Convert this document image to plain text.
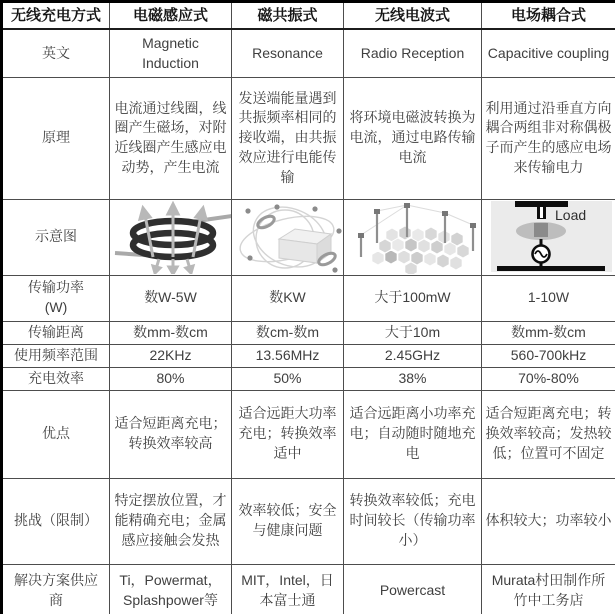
无线充电方式	电磁感应式	磁共振式	无线电波式	电场耦合式
英文	Magnetic Induction	Resonance	Radio Reception	Capacitive coupling
原理	电流通过线圈，线圈产生磁场，对附近线圈产生感应电动势，产生电流	发送端能量遇到共振频率相同的接收端，由共振效应进行电能传输	将环境电磁波转换为电流，通过电路传输电流	利用通过沿垂直方向耦合两组非对称偶极子而产生的感应电场来传输电力
示意图				Load

传输功率
(W)	数W-5W	数KW	大于100mW	1-10W
传输距离	数mm-数cm	数cm-数m	大于10m	数mm-数cm
使用频率范围	22KHz	13.56MHz	2.45GHz	560-700kHz
充电效率	80%	50%	38%	70%-80%
优点	适合短距离充电；转换效率较高	适合远距大功率充电；转换效率适中	适合远距离小功率充电；自动随时随地充电	适合短距离充电；转换效率较高；发热较低；位置可不固定
挑战（限制）	特定摆放位置，才能精确充电；金属感应接触会发热	效率较低；安全与健康问题	转换效率较低；充电时间较长（传输功率小）	体积较大；功率较小
解决方案供应商	Ti，Powermat，Splashpower等	MIT，Intel，日本富士通	Powercast	Murata村田制作所竹中工务店
